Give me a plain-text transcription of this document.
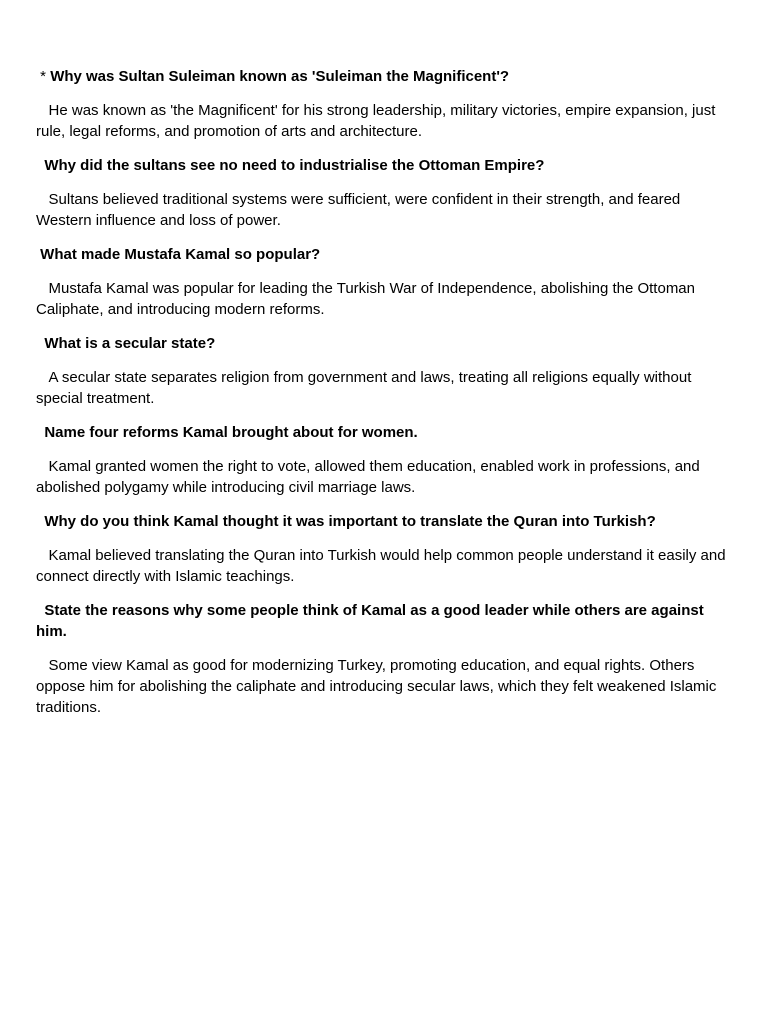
* Why was Sultan Suleiman known as 'Suleiman the Magnificent'?

He was known as 'the Magnificent' for his strong leadership, military victories, empire expansion, just rule, legal reforms, and promotion of arts and architecture.

Why did the sultans see no need to industrialise the Ottoman Empire?

Sultans believed traditional systems were sufficient, were confident in their strength, and feared Western influence and loss of power.

What made Mustafa Kamal so popular?

Mustafa Kamal was popular for leading the Turkish War of Independence, abolishing the Ottoman Caliphate, and introducing modern reforms.

What is a secular state?

A secular state separates religion from government and laws, treating all religions equally without special treatment.

Name four reforms Kamal brought about for women.

Kamal granted women the right to vote, allowed them education, enabled work in professions, and abolished polygamy while introducing civil marriage laws.

Why do you think Kamal thought it was important to translate the Quran into Turkish?

Kamal believed translating the Quran into Turkish would help common people understand it easily and connect directly with Islamic teachings.

State the reasons why some people think of Kamal as a good leader while others are against him.

Some view Kamal as good for modernizing Turkey, promoting education, and equal rights. Others oppose him for abolishing the caliphate and introducing secular laws, which they felt weakened Islamic traditions.
